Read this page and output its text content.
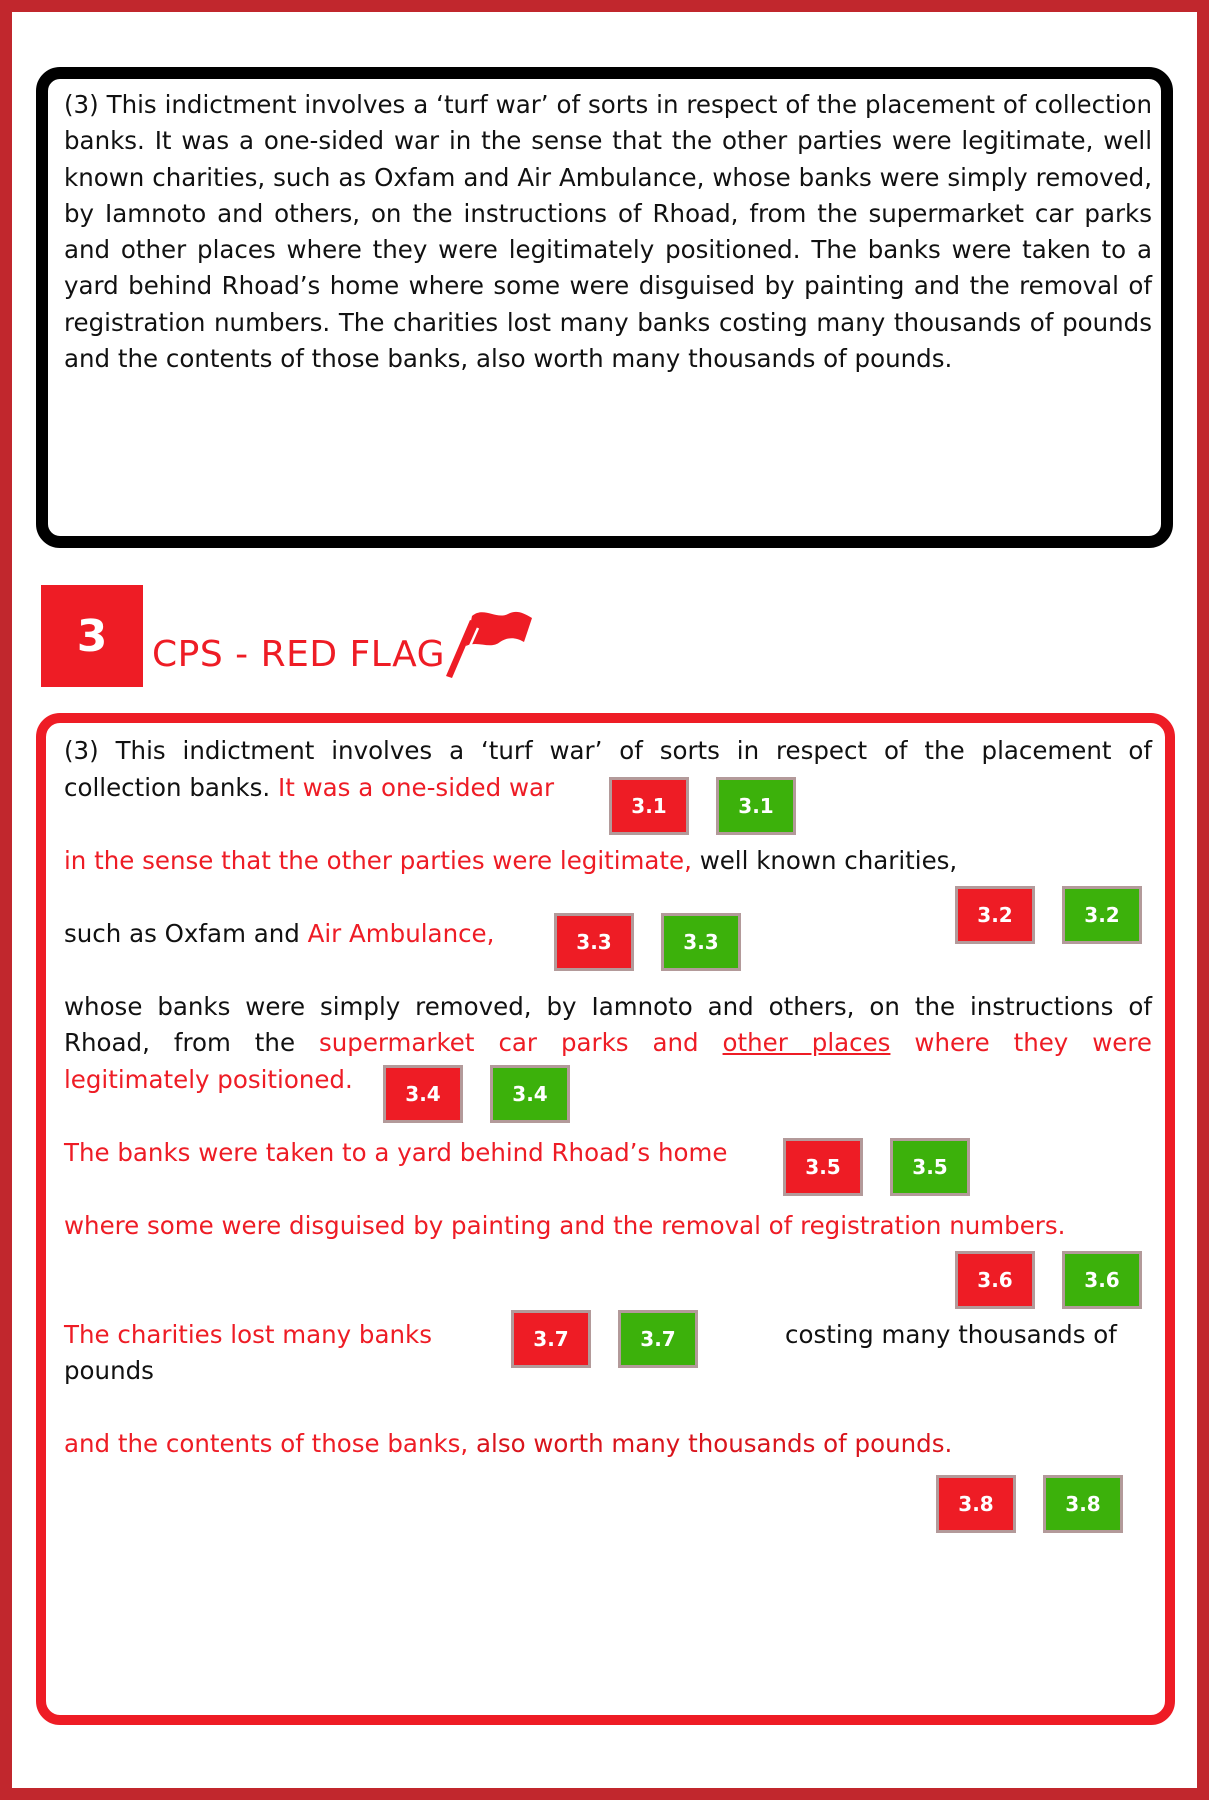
(3) This indictment involves a ‘turf war’ of sorts in respect of the placement of collection banks. It was a one-sided war in the sense that the other parties were legitimate, well known charities, such as Oxfam and Air Ambulance, whose banks were simply removed, by Iamnoto and others, on the instructions of Rhoad, from the supermarket car parks and other places where they were legitimately positioned. The banks were taken to a yard behind Rhoad’s home where some were disguised by painting and the removal of registration numbers. The charities lost many banks costing many thousands of pounds and the contents of those banks, also worth many thousands of pounds.

3	CPS - RED FLAG

(3) This indictment involves a ‘turf war’ of sorts in respect of the placement of

collection banks. It was a one-sided war

in the sense that the other parties were legitimate, well known charities,

such as Oxfam and Air Ambulance,

whose banks were simply removed, by Iamnoto and others, on the instructions of

Rhoad, from the supermarket car parks and other places where they were

legitimately positioned.

The banks were taken to a yard behind Rhoad’s home

where some were disguised by painting and the removal of registration numbers.

The charities lost many banks	costing many thousands of

pounds

and the contents of those banks, also worth many thousands of pounds.

3.1	3.1
3.2	3.2
3.3	3.3
3.4	3.4
3.5	3.5
3.6	3.6
3.7	3.7
3.8	3.8
